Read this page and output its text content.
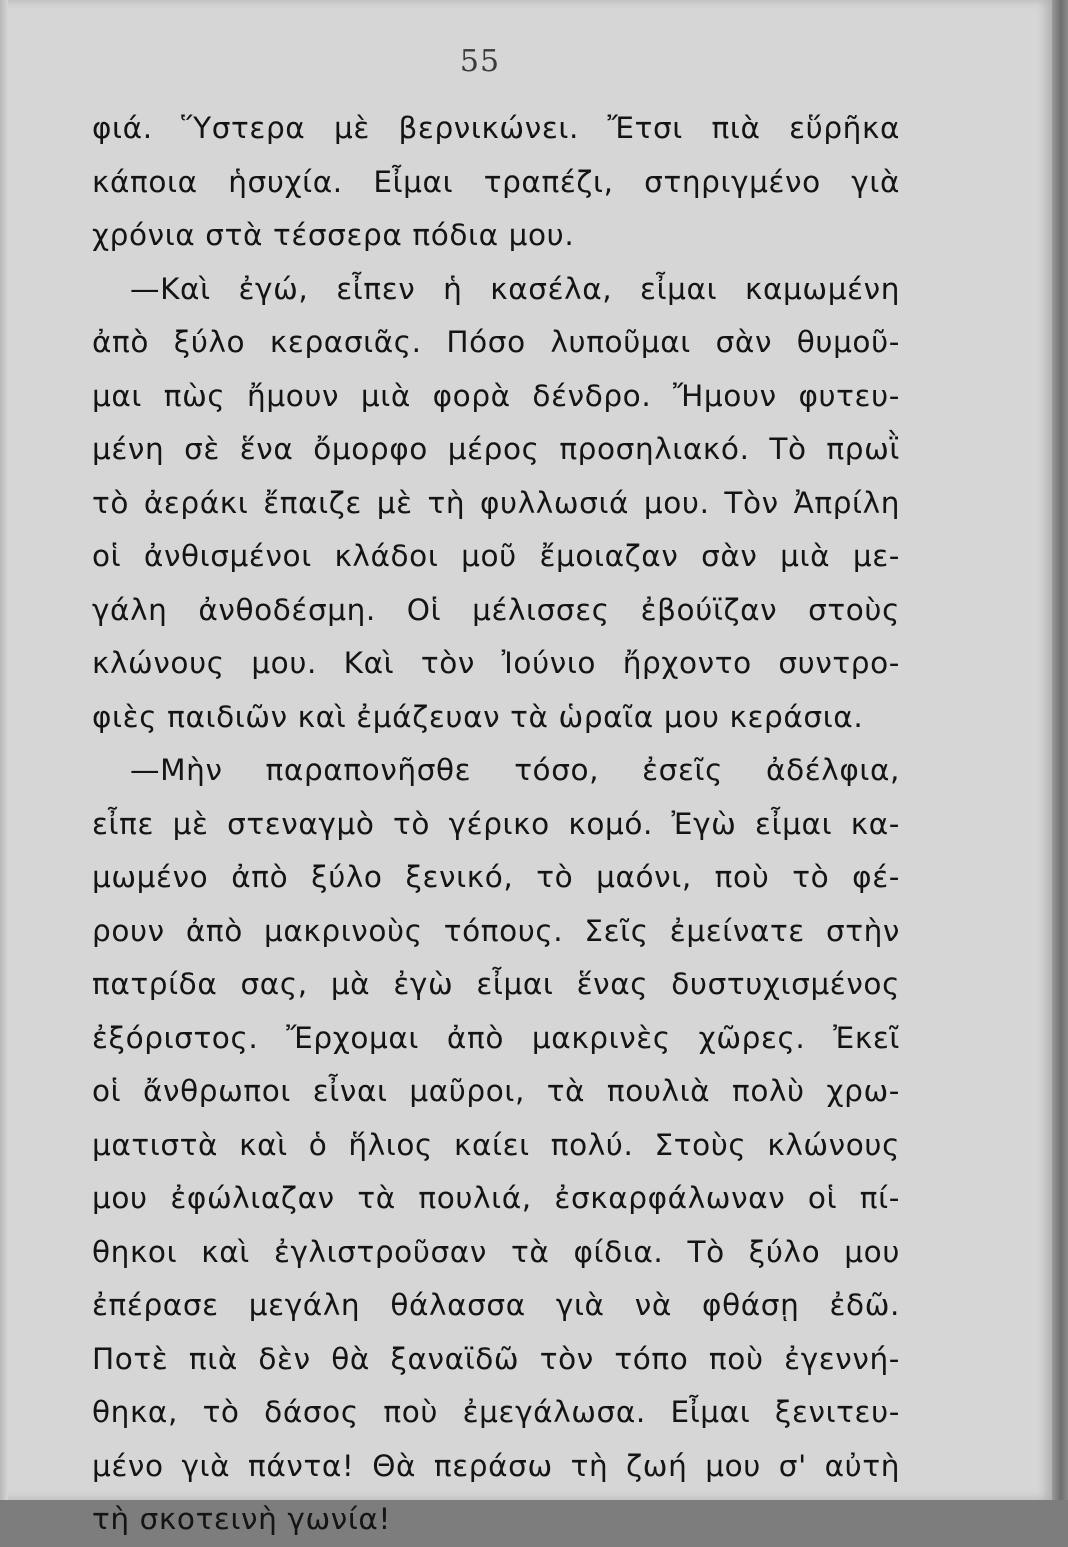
55
φιά. Ὕστερα μὲ βερνικώνει. Ἔτσι πιὰ εὕρῆκα
κάποια ἡσυχία. Εἶμαι τραπέζι, στηριγμένο γιὰ
χρόνια στὰ τέσσερα πόδια μου.
—Καὶ ἐγώ, εἶπεν ἡ κασέλα, εἶμαι καμωμένη
ἀπὸ ξύλο κερασιᾶς. Πόσο λυποῦμαι σὰν θυμοῦ-
μαι πὼς ἤμουν μιὰ φορὰ δένδρο. Ἤμουν φυτευ-
μένη σὲ ἕνα ὄμορφο μέρος προσηλιακό. Τὸ πρωῒ
τὸ ἀεράκι ἔπαιζε μὲ τὴ φυλλωσιά μου. Τὸν Ἀπρίλη
οἱ ἀνθισμένοι κλάδοι μοῦ ἔμοιαζαν σὰν μιὰ με-
γάλη ἀνθοδέσμη. Οἱ μέλισσες ἐβούϊζαν στοὺς
κλώνους μου. Καὶ τὸν Ἰούνιο ἤρχοντο συντρο-
φιὲς παιδιῶν καὶ ἐμάζευαν τὰ ὡραῖα μου κεράσια.
—Μὴν παραπονῆσθε τόσο, ἐσεῖς ἀδέλφια,
εἶπε μὲ στεναγμὸ τὸ γέρικο κομό. Ἐγὼ εἶμαι κα-
μωμένο ἀπὸ ξύλο ξενικό, τὸ μαόνι, ποὺ τὸ φέ-
ρουν ἀπὸ μακρινοὺς τόπους. Σεῖς ἐμείνατε στὴν
πατρίδα σας, μὰ ἐγὼ εἶμαι ἕνας δυστυχισμένος
ἐξόριστος. Ἔρχομαι ἀπὸ μακρινὲς χῶρες. Ἐκεῖ
οἱ ἄνθρωποι εἶναι μαῦροι, τὰ πουλιὰ πολὺ χρω-
ματιστὰ καὶ ὁ ἥλιος καίει πολύ. Στοὺς κλώνους
μου ἐφώλιαζαν τὰ πουλιά, ἐσκαρφάλωναν οἱ πί-
θηκοι καὶ ἐγλιστροῦσαν τὰ φίδια. Τὸ ξύλο μου
ἐπέρασε μεγάλη θάλασσα γιὰ νὰ φθάσῃ ἐδῶ.
Ποτὲ πιὰ δὲν θὰ ξαναϊδῶ τὸν τόπο ποὺ ἐγεννή-
θηκα, τὸ δάσος ποὺ ἐμεγάλωσα. Εἶμαι ξενιτευ-
μένο γιὰ πάντα! Θὰ περάσω τὴ ζωή μου σ' αὐτὴ
τὴ σκοτεινὴ γωνία!
